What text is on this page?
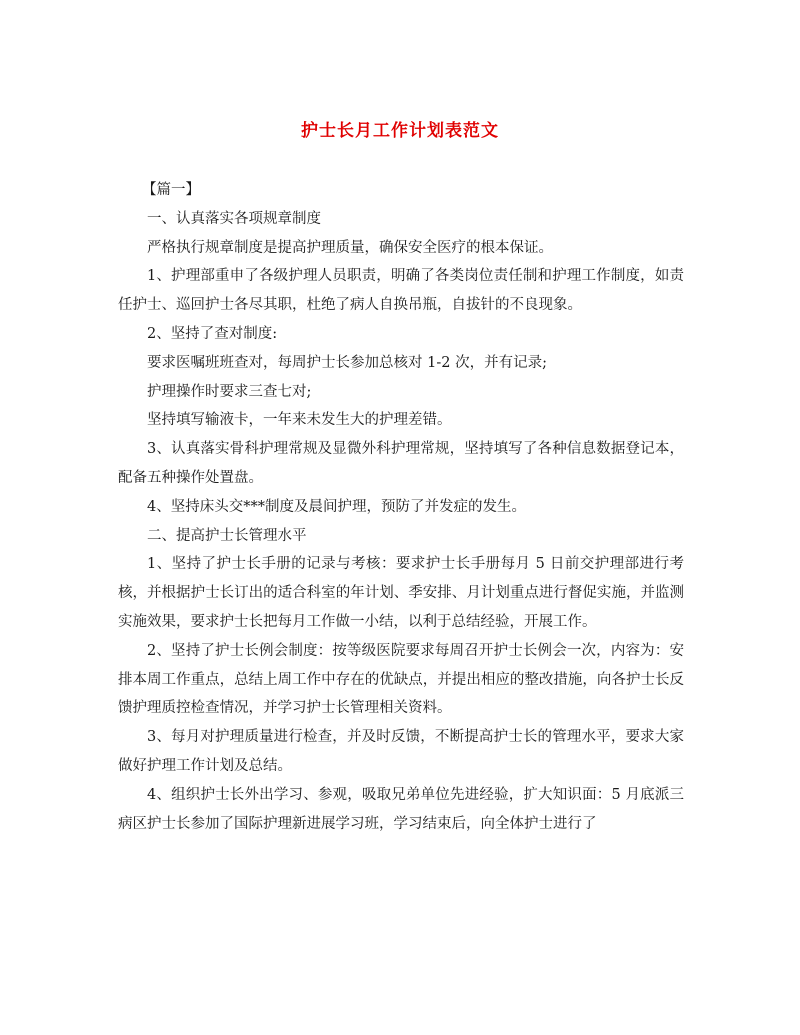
护士长月工作计划表范文

【篇一】

一、认真落实各项规章制度

严格执行规章制度是提高护理质量，确保安全医疗的根本保证。

1、护理部重申了各级护理人员职责，明确了各类岗位责任制和护理工作制度，如责任护士、巡回护士各尽其职，杜绝了病人自换吊瓶，自拔针的不良现象。

2、坚持了查对制度:

要求医嘱班班查对，每周护士长参加总核对 1-2 次，并有记录;

护理操作时要求三查七对;

坚持填写输液卡，一年来未发生大的护理差错。

3、认真落实骨科护理常规及显微外科护理常规，坚持填写了各种信息数据登记本，配备五种操作处置盘。

4、坚持床头交***制度及晨间护理，预防了并发症的发生。

二、提高护士长管理水平

1、坚持了护士长手册的记录与考核：要求护士长手册每月 5 日前交护理部进行考核，并根据护士长订出的适合科室的年计划、季安排、月计划重点进行督促实施，并监测实施效果，要求护士长把每月工作做一小结，以利于总结经验，开展工作。

2、坚持了护士长例会制度：按等级医院要求每周召开护士长例会一次，内容为：安排本周工作重点，总结上周工作中存在的优缺点，并提出相应的整改措施，向各护士长反馈护理质控检查情况，并学习护士长管理相关资料。

3、每月对护理质量进行检查，并及时反馈，不断提高护士长的管理水平，要求大家做好护理工作计划及总结。

4、组织护士长外出学习、参观，吸取兄弟单位先进经验，扩大知识面：5 月底派三病区护士长参加了国际护理新进展学习班，学习结束后，向全体护士进行了
